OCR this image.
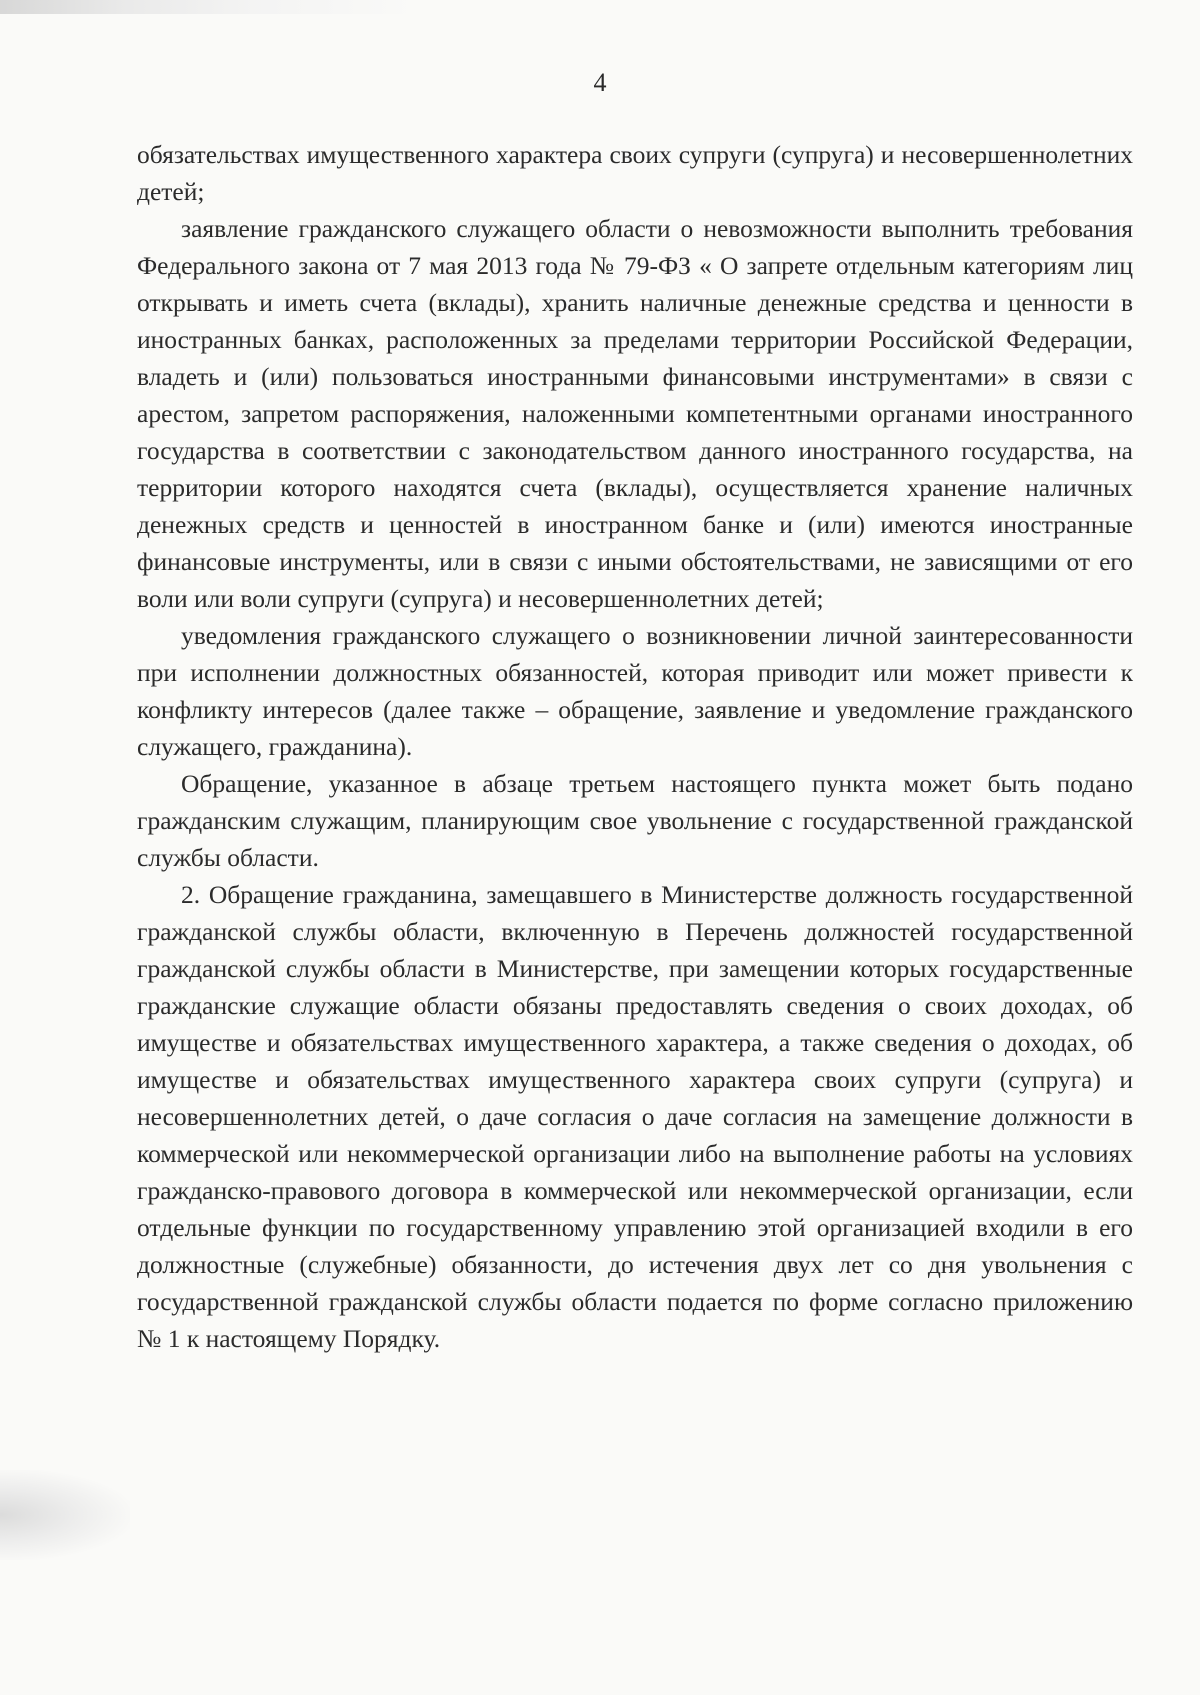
4

обязательствах имущественного характера своих супруги (супруга) и несовершеннолетних детей;

заявление гражданского служащего области о невозможности выполнить требования Федерального закона от 7 мая 2013 года № 79-ФЗ « О запрете отдельным категориям лиц открывать и иметь счета (вклады), хранить наличные денежные средства и ценности в иностранных банках, расположенных за пределами территории Российской Федерации, владеть и (или) пользоваться иностранными финансовыми инструментами» в связи с арестом, запретом распоряжения, наложенными компетентными органами иностранного государства в соответствии с законодательством данного иностранного государства, на территории которого находятся счета (вклады), осуществляется хранение наличных денежных средств и ценностей в иностранном банке и (или) имеются иностранные финансовые инструменты, или в связи с иными обстоятельствами, не зависящими от его воли или воли супруги (супруга) и несовершеннолетних детей;

уведомления гражданского служащего о возникновении личной заинтересованности при исполнении должностных обязанностей, которая приводит или может привести к конфликту интересов (далее также – обращение, заявление и уведомление гражданского служащего, гражданина).

Обращение, указанное в абзаце третьем настоящего пункта может быть подано гражданским служащим, планирующим свое увольнение с государственной гражданской службы области.

2. Обращение гражданина, замещавшего в Министерстве должность государственной гражданской службы области, включенную в Перечень должностей государственной гражданской службы области в Министерстве, при замещении которых государственные гражданские служащие области обязаны предоставлять сведения о своих доходах, об имуществе и обязательствах имущественного характера, а также сведения о доходах, об имуществе и обязательствах имущественного характера своих супруги (супруга) и несовершеннолетних детей, о даче согласия о даче согласия на замещение должности в коммерческой или некоммерческой организации либо на выполнение работы на условиях гражданско-правового договора в коммерческой или некоммерческой организации, если отдельные функции по государственному управлению этой организацией входили в его должностные (служебные) обязанности, до истечения двух лет со дня увольнения с государственной гражданской службы области подается по форме согласно приложению № 1 к настоящему Порядку.
